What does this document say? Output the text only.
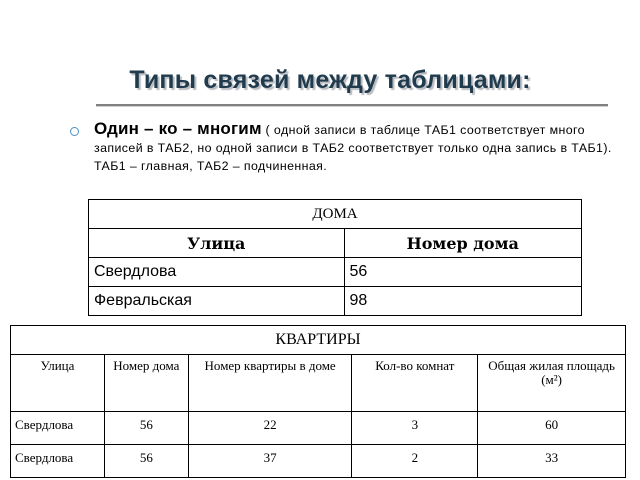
Типы связей между таблицами:
Один – ко – многим ( одной записи в таблице ТАБ1 соответствует много записей в ТАБ2, но одной записи в ТАБ2 соответствует только одна запись в ТАБ1). ТАБ1 – главная, ТАБ2 – подчиненная.
ДОМА	
Улица	Номер дома
Свердлова	56
Февральская	98
КВАРТИРЫ				
Улица	Номер дома	Номер квартиры в доме	Кол-во комнат	Общая жилая площадь (м²)
Свердлова	56	22	3	60
Свердлова	56	37	2	33
